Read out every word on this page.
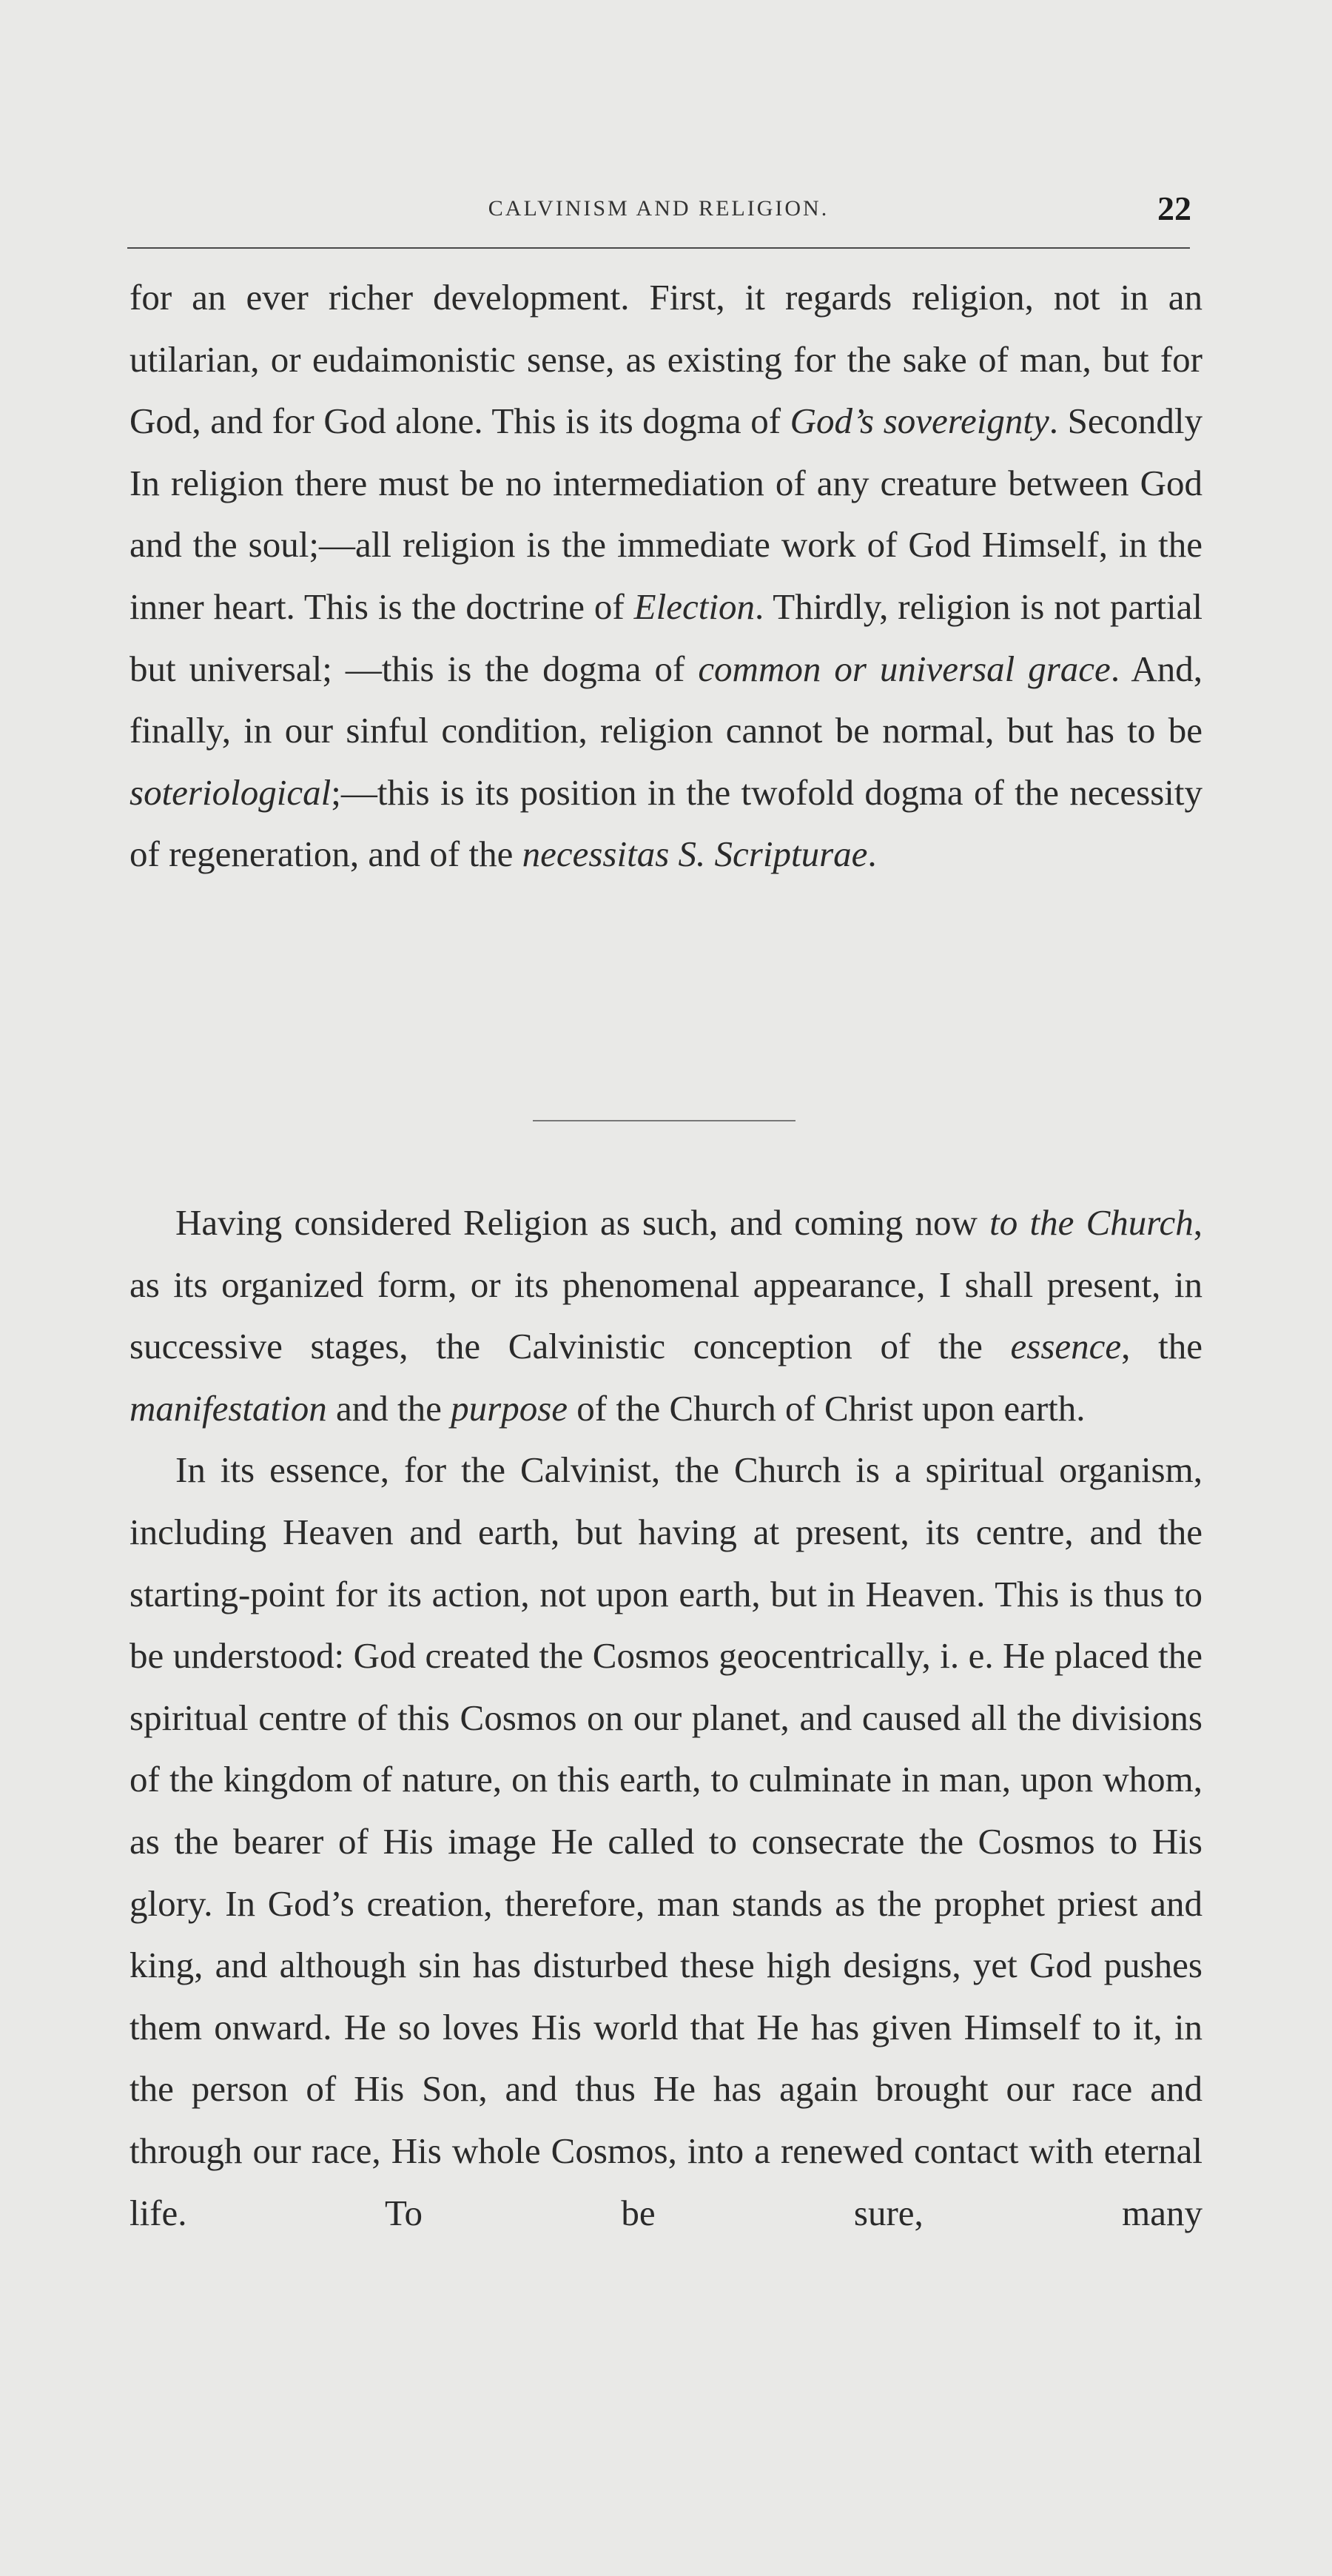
CALVINISM AND RELIGION.	22

for an ever richer development. First, it regards religion, not in an utilarian, or eudaimonistic sense, as existing for the sake of man, but for God, and for God alone. This is its dogma of God’s sovereignty. Secondly In religion there must be no intermediation of any creature between God and the soul;—all religion is the immediate work of God Himself, in the inner heart. This is the doctrine of Election. Thirdly, religion is not partial but universal; —this is the dogma of common or universal grace. And, finally, in our sinful condition, religion cannot be normal, but has to be soteriological;—this is its position in the twofold dogma of the necessity of regeneration, and of the necessitas S. Scripturae.

Having considered Religion as such, and coming now to the Church, as its organized form, or its phenomenal appearance, I shall present, in successive stages, the Calvinistic conception of the essence, the manifestation and the purpose of the Church of Christ upon earth.

In its essence, for the Calvinist, the Church is a spiritual organism, including Heaven and earth, but having at present, its centre, and the starting-point for its action, not upon earth, but in Heaven. This is thus to be understood: God created the Cosmos geocentrically, i. e. He placed the spiritual centre of this Cosmos on our planet, and caused all the divisions of the kingdom of nature, on this earth, to culminate in man, upon whom, as the bearer of His image He called to consecrate the Cosmos to His glory. In God’s creation, therefore, man stands as the prophet priest and king, and although sin has disturbed these high designs, yet God pushes them onward. He so loves His world that He has given Himself to it, in the person of His Son, and thus He has again brought our race and through our race, His whole Cosmos, into a renewed contact with eternal life. To be sure, many
